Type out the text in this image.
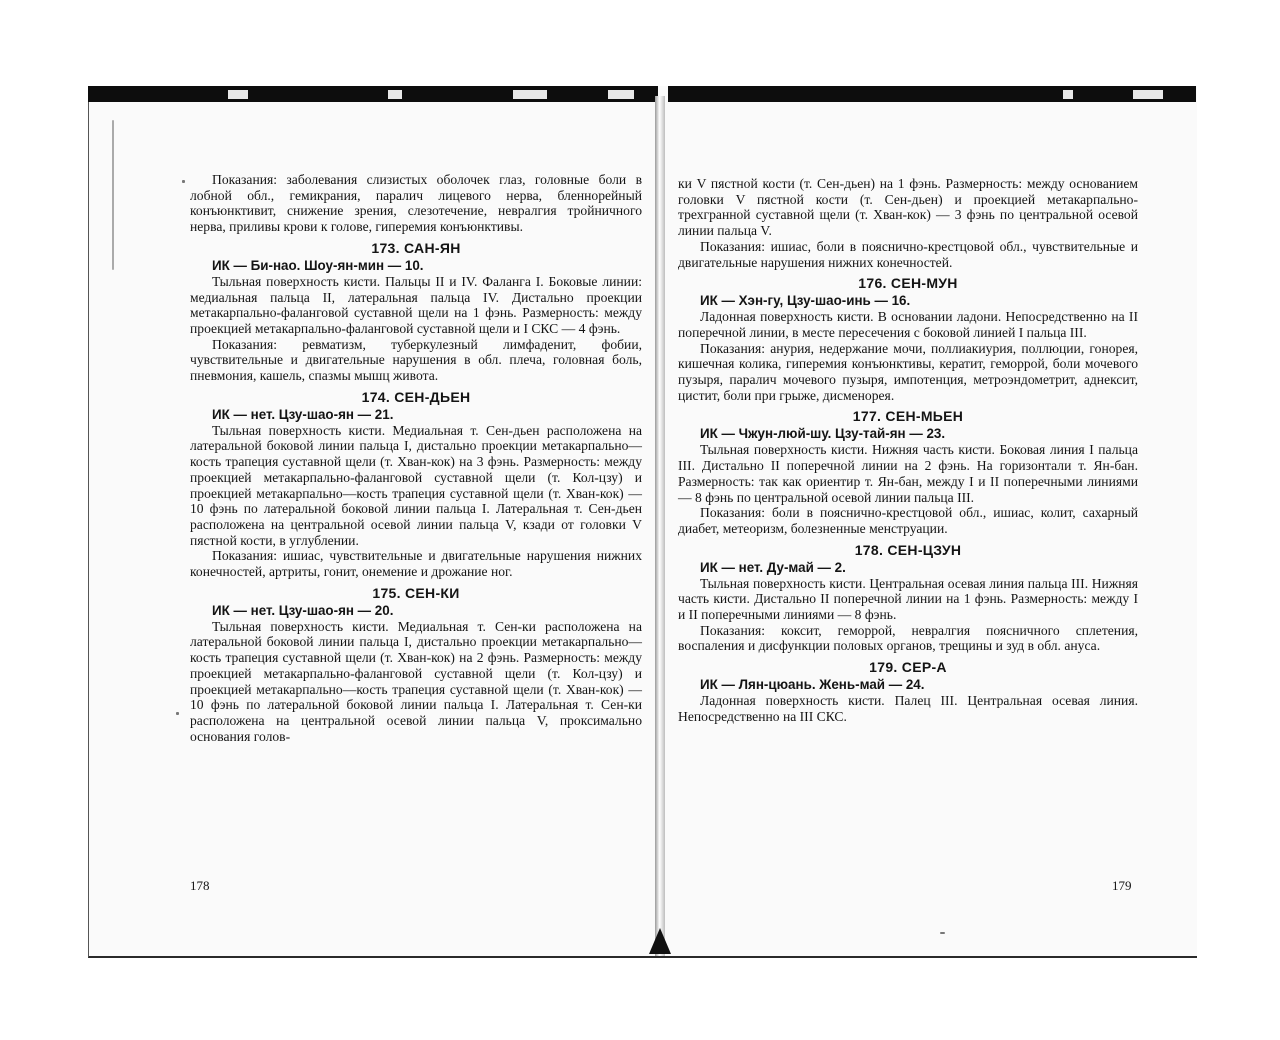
Показания: заболевания слизистых оболочек глаз, головные боли в лобной обл., гемикрания, паралич лицевого нерва, бленнорейный конъюнктивит, снижение зрения, слезотечение, невралгия тройничного нерва, приливы крови к голове, гиперемия конъюнктивы.

173. САН-ЯН
ИК — Би-нао. Шоу-ян-мин — 10.

Тыльная поверхность кисти. Пальцы II и IV. Фаланга I. Боковые линии: медиальная пальца II, латеральная пальца IV. Дистально проекции метакарпально-фаланговой суставной щели на 1 фэнь. Размерность: между проекцией метакарпально-фаланговой суставной щели и I СКС — 4 фэнь.

Показания: ревматизм, туберкулезный лимфаденит, фобии, чувствительные и двигательные нарушения в обл. плеча, головная боль, пневмония, кашель, спазмы мышц живота.

174. СЕН-ДЬЕН
ИК — нет. Цзу-шао-ян — 21.

Тыльная поверхность кисти. Медиальная т. Сен-дьен расположена на латеральной боковой линии пальца I, дистально проекции метакарпально—кость трапеция суставной щели (т. Хван-кок) на 3 фэнь. Размерность: между проекцией метакарпально-фаланговой суставной щели (т. Кол-цзу) и проекцией метакарпально—кость трапеция суставной щели (т. Хван-кок) — 10 фэнь по латеральной боковой линии пальца I. Латеральная т. Сен-дьен расположена на центральной осевой линии пальца V, кзади от головки V пястной кости, в углублении.

Показания: ишиас, чувствительные и двигательные нарушения нижних конечностей, артриты, гонит, онемение и дрожание ног.

175. СЕН-КИ
ИК — нет. Цзу-шао-ян — 20.

Тыльная поверхность кисти. Медиальная т. Сен-ки расположена на латеральной боковой линии пальца I, дистально проекции метакарпально—кость трапеция суставной щели (т. Хван-кок) на 2 фэнь. Размерность: между проекцией метакарпально-фаланговой суставной щели (т. Кол-цзу) и проекцией метакарпально—кость трапеция суставной щели (т. Хван-кок) — 10 фэнь по латеральной боковой линии пальца I. Латеральная т. Сен-ки расположена на центральной осевой линии пальца V, проксимально основания голов-

178

ки V пястной кости (т. Сен-дьен) на 1 фэнь. Размерность: между основанием головки V пястной кости (т. Сен-дьен) и проекцией метакарпально-трехгранной суставной щели (т. Хван-кок) — 3 фэнь по центральной осевой линии пальца V.

Показания: ишиас, боли в пояснично-крестцовой обл., чувствительные и двигательные нарушения нижних конечностей.

176. СЕН-МУН
ИК — Хэн-гу, Цзу-шао-инь — 16.

Ладонная поверхность кисти. В основании ладони. Непосредственно на II поперечной линии, в месте пересечения с боковой линией I пальца III.

Показания: анурия, недержание мочи, поллиакиурия, поллюции, гонорея, кишечная колика, гиперемия конъюнктивы, кератит, геморрой, боли мочевого пузыря, паралич мочевого пузыря, импотенция, метроэндометрит, аднексит, цистит, боли при грыже, дисменорея.

177. СЕН-МЬЕН
ИК — Чжун-люй-шу. Цзу-тай-ян — 23.

Тыльная поверхность кисти. Нижняя часть кисти. Боковая линия I пальца III. Дистально II поперечной линии на 2 фэнь. На горизонтали т. Ян-бан. Размерность: так как ориентир т. Ян-бан, между I и II поперечными линиями — 8 фэнь по центральной осевой линии пальца III.

Показания: боли в пояснично-крестцовой обл., ишиас, колит, сахарный диабет, метеоризм, болезненные менструации.

178. СЕН-ЦЗУН
ИК — нет. Ду-май — 2.

Тыльная поверхность кисти. Центральная осевая линия пальца III. Нижняя часть кисти. Дистально II поперечной линии на 1 фэнь. Размерность: между I и II поперечными линиями — 8 фэнь.

Показания: коксит, геморрой, невралгия поясничного сплетения, воспаления и дисфункции половых органов, трещины и зуд в обл. ануса.

179. СЕР-А
ИК — Лян-цюань. Жень-май — 24.

Ладонная поверхность кисти. Палец III. Центральная осевая линия. Непосредственно на III СКС.

179
